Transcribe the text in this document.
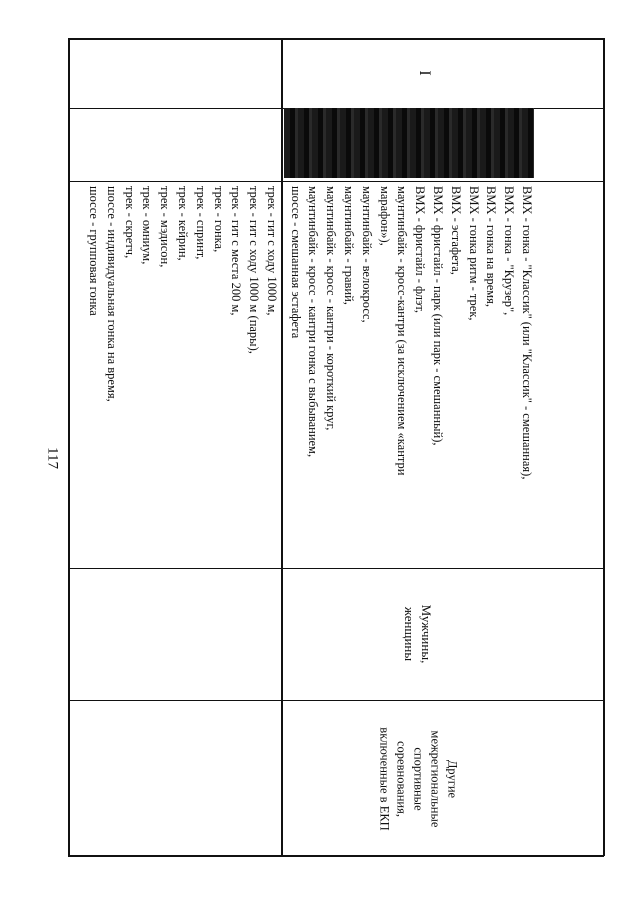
117
трек - гит с ходу 1000 м,
трек - гит с ходу 1000 м (пары),
трек - гит с места 200 м,
трек - гонка,
трек - спринт,
трек - кейрин,
трек - мэдисон,
трек - омниум,
трек - скретч,
шоссе - индивидуальная гонка на время,
шоссе - групповая гонка
Другие
межрегиональные
спортивные
соревнования,
включенные в ЕКП
Мужчины,
женщины
BMX - гонка - "Классик" (или "Классик" - смешанная),
BMX - гонка - "Крузер",
BMX - гонка на время,
BMX - гонка ритм - трек,
BMX - эстафета,
BMX - фристайл - парк (или парк - смешанный),
BMX - фристайл - флэт,
маунтинбайк - кросс-кантри (за исключением «кантри
марафон»),
маунтинбайк - велокросс,
маунтинбайк - гравий,
маунтинбайк - кросс - кантри - короткий круг,
маунтинбайк - кросс - кантри гонка с выбыванием,
шоссе - смешанная эстафета
I
